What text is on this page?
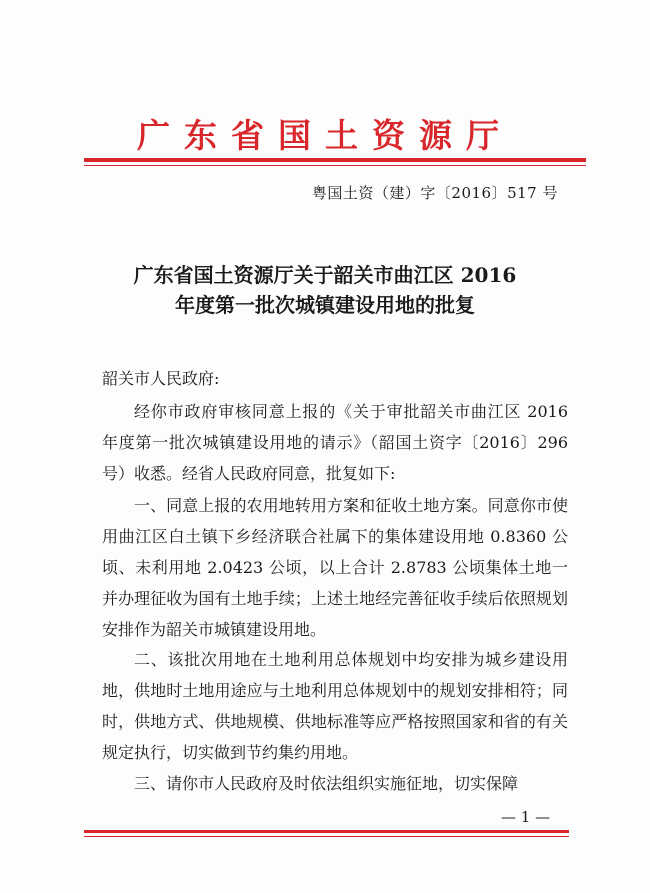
广东省国土资源厅
粤国土资（建）字〔2016〕517 号
广东省国土资源厅关于韶关市曲江区 2016
年度第一批次城镇建设用地的批复
韶关市人民政府:
经你市政府审核同意上报的《关于审批韶关市曲江区 2016 年度第一批次城镇建设用地的请示》（韶国土资字〔2016〕296 号）收悉。经省人民政府同意，批复如下:
一、同意上报的农用地转用方案和征收土地方案。同意你市使用曲江区白土镇下乡经济联合社属下的集体建设用地 0.8360 公顷、未利用地 2.0423 公顷，以上合计 2.8783 公顷集体土地一并办理征收为国有土地手续；上述土地经完善征收手续后依照规划安排作为韶关市城镇建设用地。
二、该批次用地在土地利用总体规划中均安排为城乡建设用地，供地时土地用途应与土地利用总体规划中的规划安排相符；同时，供地方式、供地规模、供地标准等应严格按照国家和省的有关规定执行，切实做到节约集约用地。
三、请你市人民政府及时依法组织实施征地，切实保障
— 1 —
